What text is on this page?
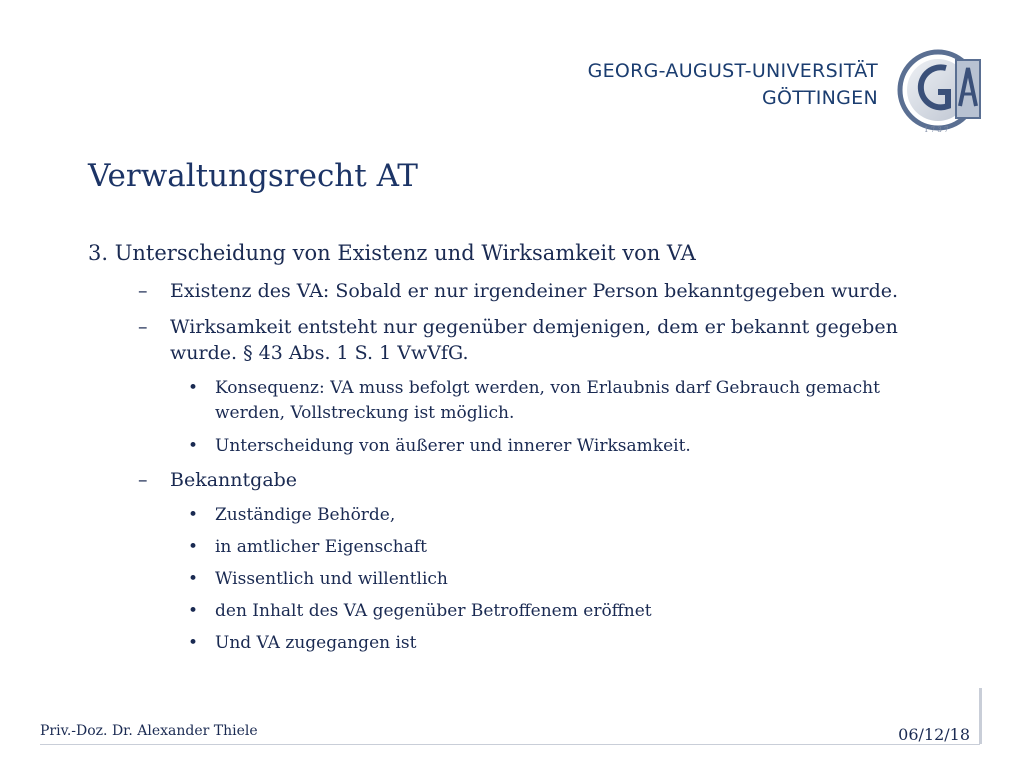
GEORG-AUGUST-UNIVERSITÄT
GÖTTINGEN
1 7 3 7
Verwaltungsrecht AT
3. Unterscheidung von Existenz und Wirksamkeit von VA
– Existenz des VA: Sobald er nur irgendeiner Person bekanntgegeben wurde.
– Wirksamkeit entsteht nur gegenüber demjenigen, dem er bekannt gegeben wurde. § 43 Abs. 1 S. 1 VwVfG.
• Konsequenz: VA muss befolgt werden, von Erlaubnis darf Gebrauch gemacht werden, Vollstreckung ist möglich.
• Unterscheidung von äußerer und innerer Wirksamkeit.
– Bekanntgabe
• Zuständige Behörde,
• in amtlicher Eigenschaft
• Wissentlich und willentlich
• den Inhalt des VA gegenüber Betroffenem eröffnet
• Und VA zugegangen ist
Priv.-Doz. Dr. Alexander Thiele	06/12/18
